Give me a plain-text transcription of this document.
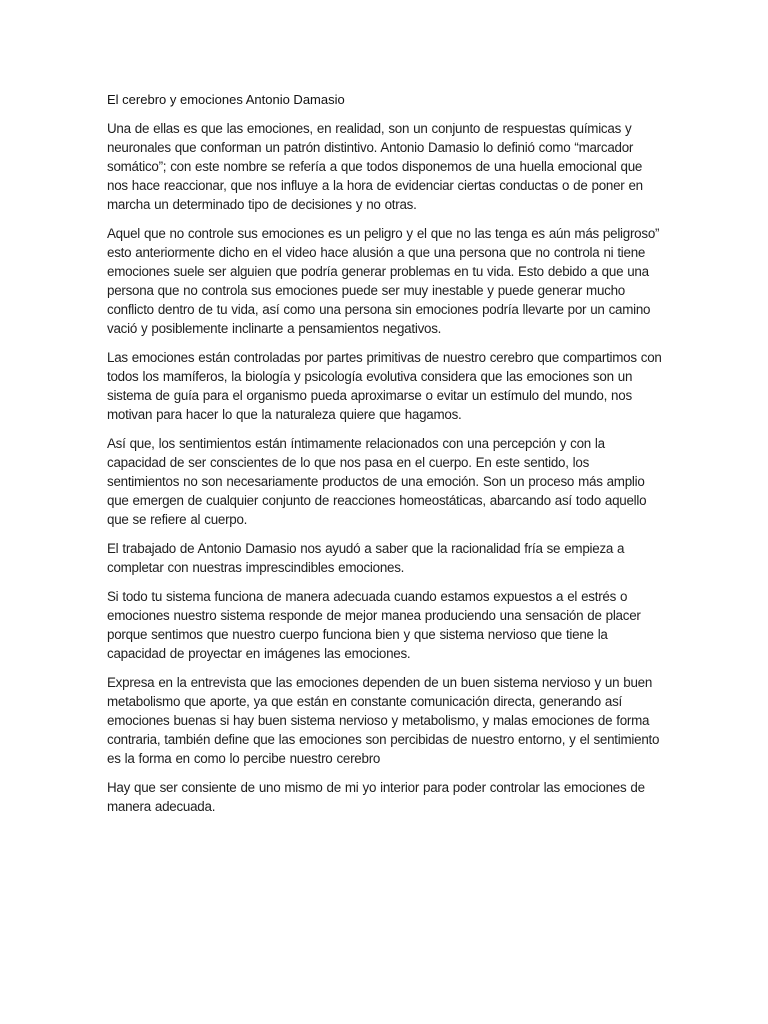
El cerebro y emociones Antonio Damasio

Una de ellas es que las emociones, en realidad, son un conjunto de respuestas químicas y neuronales que conforman un patrón distintivo. Antonio Damasio lo definió como “marcador somático”; con este nombre se refería a que todos disponemos de una huella emocional que nos hace reaccionar, que nos influye a la hora de evidenciar ciertas conductas o de poner en marcha un determinado tipo de decisiones y no otras.

Aquel que no controle sus emociones es un peligro y el que no las tenga es aún más peligroso” esto anteriormente dicho en el video hace alusión a que una persona que no controla ni tiene emociones suele ser alguien que podría generar problemas en tu vida. Esto debido a que una persona que no controla sus emociones puede ser muy inestable y puede generar mucho conflicto dentro de tu vida, así como una persona sin emociones podría llevarte por un camino vació y posiblemente inclinarte a pensamientos negativos.

Las emociones están controladas por partes primitivas de nuestro cerebro que compartimos con todos los mamíferos, la biología y psicología evolutiva considera que las emociones son un sistema de guía para el organismo pueda aproximarse o evitar un estímulo del mundo, nos motivan para hacer lo que la naturaleza quiere que hagamos.

Así que, los sentimientos están íntimamente relacionados con una percepción y con la capacidad de ser conscientes de lo que nos pasa en el cuerpo. En este sentido, los sentimientos no son necesariamente productos de una emoción. Son un proceso más amplio que emergen de cualquier conjunto de reacciones homeostáticas, abarcando así todo aquello que se refiere al cuerpo.

El trabajado de Antonio Damasio nos ayudó a saber que la racionalidad fría se empieza a completar con nuestras imprescindibles emociones.

Si todo tu sistema funciona de manera adecuada cuando estamos expuestos a el estrés o emociones nuestro sistema responde de mejor manea produciendo una sensación de placer porque sentimos que nuestro cuerpo funciona bien y que sistema nervioso que tiene la capacidad de proyectar en imágenes las emociones.

Expresa en la entrevista que las emociones dependen de un buen sistema nervioso y un buen metabolismo que aporte, ya que están en constante comunicación directa, generando así emociones buenas si hay buen sistema nervioso y metabolismo, y malas emociones de forma contraria, también define que las emociones son percibidas de nuestro entorno, y el sentimiento es la forma en como lo percibe nuestro cerebro

Hay que ser consiente de uno mismo de mi yo interior para poder controlar las emociones de manera adecuada.
